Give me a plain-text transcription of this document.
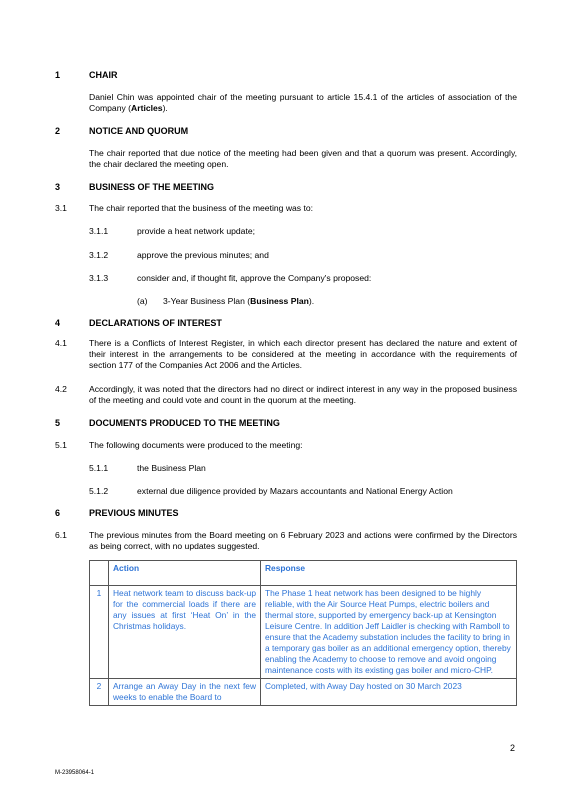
1	CHAIR
Daniel Chin was appointed chair of the meeting pursuant to article 15.4.1 of the articles of association of the Company (Articles).
2	NOTICE AND QUORUM
The chair reported that due notice of the meeting had been given and that a quorum was present. Accordingly, the chair declared the meeting open.
3	BUSINESS OF THE MEETING
3.1	The chair reported that the business of the meeting was to:
3.1.1	provide a heat network update;
3.1.2	approve the previous minutes; and
3.1.3	consider and, if thought fit, approve the Company's proposed:
(a) 3-Year Business Plan (Business Plan).
4	DECLARATIONS OF INTEREST
4.1	There is a Conflicts of Interest Register, in which each director present has declared the nature and extent of their interest in the arrangements to be considered at the meeting in accordance with the requirements of section 177 of the Companies Act 2006 and the Articles.
4.2	Accordingly, it was noted that the directors had no direct or indirect interest in any way in the proposed business of the meeting and could vote and count in the quorum at the meeting.
5	DOCUMENTS PRODUCED TO THE MEETING
5.1	The following documents were produced to the meeting:
5.1.1	the Business Plan
5.1.2	external due diligence provided by Mazars accountants and National Energy Action
6	PREVIOUS MINUTES
6.1	The previous minutes from the Board meeting on 6 February 2023 and actions were confirmed by the Directors as being correct, with no updates suggested.
	Action	Response
1	Heat network team to discuss back-up for the commercial loads if there are any issues at first ‘Heat On’ in the Christmas holidays.	The Phase 1 heat network has been designed to be highly reliable, with the Air Source Heat Pumps, electric boilers and thermal store, supported by emergency back-up at Kensington Leisure Centre. In addition Jeff Laidler is checking with Ramboll to ensure that the Academy substation includes the facility to bring in a temporary gas boiler as an additional emergency option, thereby enabling the Academy to choose to remove and avoid ongoing maintenance costs with its existing gas boiler and micro-CHP.
2	Arrange an Away Day in the next few weeks to enable the Board to	Completed, with Away Day hosted on 30 March 2023
2
M-23958064-1
